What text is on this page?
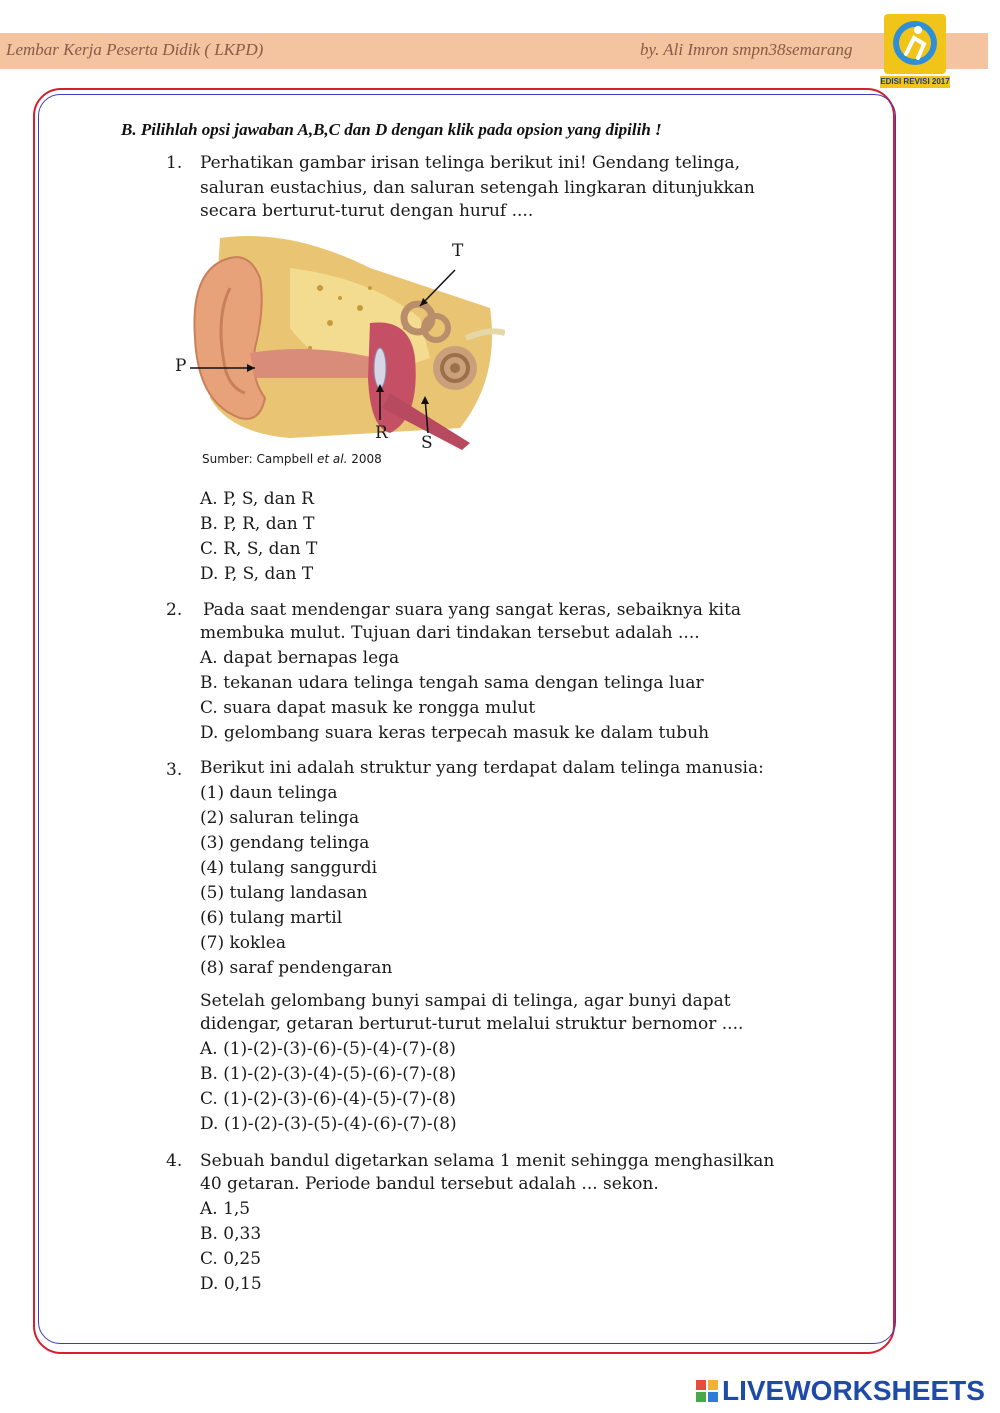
Lembar Kerja Peserta Didik ( LKPD)	by. Ali Imron smpn38semarang
EDISI REVISI 2017
B. Pilihlah opsi jawaban A,B,C dan D dengan klik pada opsion yang dipilih !
1. Perhatikan gambar irisan telinga berikut ini! Gendang telinga,
saluran eustachius, dan saluran setengah lingkaran ditunjukkan
secara berturut-turut dengan huruf ....
P
R S
T
Sumber: Campbell et al. 2008
A. P, S, dan R
B. P, R, dan T
C. R, S, dan T
D. P, S, dan T
2. Pada saat mendengar suara yang sangat keras, sebaiknya kita
membuka mulut. Tujuan dari tindakan tersebut adalah ....
A. dapat bernapas lega
B. tekanan udara telinga tengah sama dengan telinga luar
C. suara dapat masuk ke rongga mulut
D. gelombang suara keras terpecah masuk ke dalam tubuh
3. Berikut ini adalah struktur yang terdapat dalam telinga manusia:
(1) daun telinga
(2) saluran telinga
(3) gendang telinga
(4) tulang sanggurdi
(5) tulang landasan
(6) tulang martil
(7) koklea
(8) saraf pendengaran
Setelah gelombang bunyi sampai di telinga, agar bunyi dapat
didengar, getaran berturut-turut melalui struktur bernomor ....
A. (1)-(2)-(3)-(6)-(5)-(4)-(7)-(8)
B. (1)-(2)-(3)-(4)-(5)-(6)-(7)-(8)
C. (1)-(2)-(3)-(6)-(4)-(5)-(7)-(8)
D. (1)-(2)-(3)-(5)-(4)-(6)-(7)-(8)
4. Sebuah bandul digetarkan selama 1 menit sehingga menghasilkan
40 getaran. Periode bandul tersebut adalah ... sekon.
A. 1,5
B. 0,33
C. 0,25
D. 0,15
LIVEWORKSHEETS
